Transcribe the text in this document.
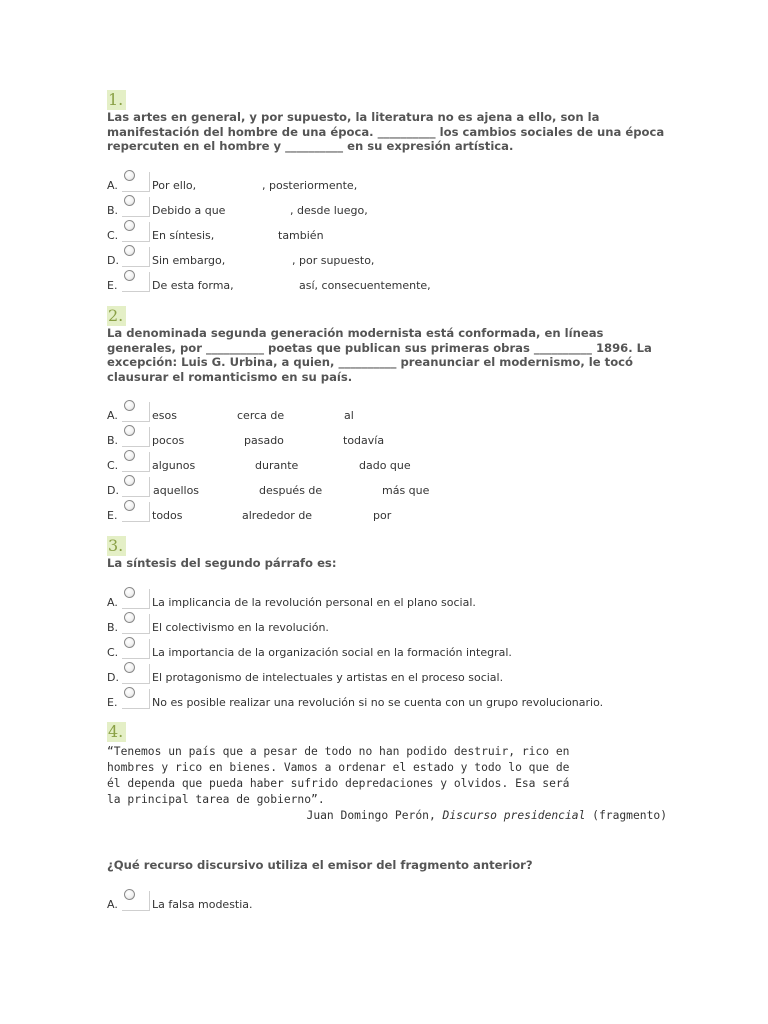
1.

Las artes en general, y por supuesto, la literatura no es ajena a ello, son la manifestación del hombre de una época. __________ los cambios sociales de una época repercuten en el hombre y __________ en su expresión artística.

A.	Por ello,	, posteriormente,
B.	Debido a que	, desde luego,
C.	En síntesis,	también
D.	Sin embargo,	, por supuesto,
E.	De esta forma,	así, consecuentemente,
2.

La denominada segunda generación modernista está conformada, en líneas generales, por __________ poetas que publican sus primeras obras __________ 1896. La excepción: Luis G. Urbina, a quien, __________ preanunciar el modernismo, le tocó clausurar el romanticismo en su país.

A.	esos	cerca de	al
B.	pocos	pasado	todavía
C.	algunos	durante	dado que
D.	aquellos	después de	más que
E.	todos	alrededor de	por
3.

La síntesis del segundo párrafo es:

A.	La implicancia de la revolución personal en el plano social.
B.	El colectivismo en la revolución.
C.	La importancia de la organización social en la formación integral.
D.	El protagonismo de intelectuales y artistas en el proceso social.
E.	No es posible realizar una revolución si no se cuenta con un grupo revolucionario.
4.
“Tenemos un país que a pesar de todo no han podido destruir, rico en
hombres y rico en bienes. Vamos a ordenar el estado y todo lo que de
él dependa que pueda haber sufrido depredaciones y olvidos. Esa será
la principal tarea de gobierno”.
Juan Domingo Perón, Discurso presidencial (fragmento)

¿Qué recurso discursivo utiliza el emisor del fragmento anterior?

A.	La falsa modestia.
